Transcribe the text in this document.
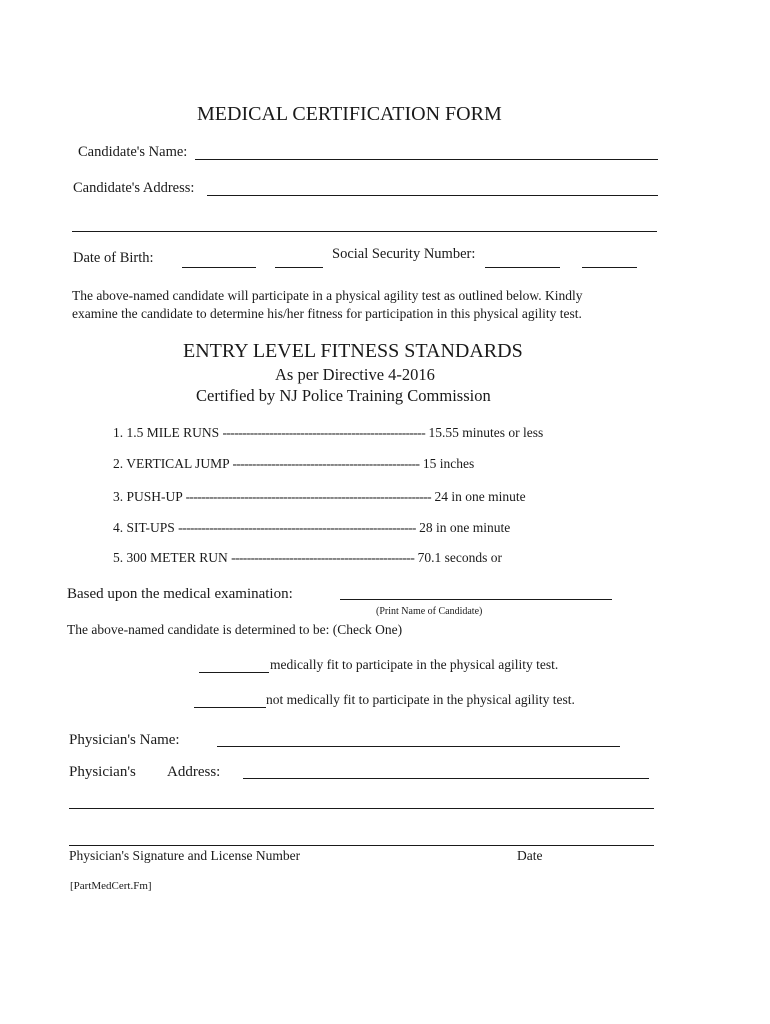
MEDICAL CERTIFICATION FORM
Candidate's Name:
Candidate's Address:
Date of Birth:	Social Security Number:
The above-named candidate will participate in a physical agility test as outlined below. Kindly
examine the candidate to determine his/her fitness for participation in this physical agility test.
ENTRY LEVEL FITNESS STANDARDS
As per Directive 4-2016
Certified by NJ Police Training Commission
1. 1.5 MILE RUNS ---------------------------------------------------- 15.55 minutes or less
2. VERTICAL JUMP ------------------------------------------------ 15 inches
3. PUSH-UP --------------------------------------------------------------- 24 in one minute
4. SIT-UPS ------------------------------------------------------------- 28 in one minute
5. 300 METER RUN ----------------------------------------------- 70.1 seconds or
Based upon the medical examination:
(Print Name of Candidate)
The above-named candidate is determined to be: (Check One)
medically fit to participate in the physical agility test.
not medically fit to participate in the physical agility test.
Physician's Name:
Physician's Address:
Physician's Signature and License Number	Date
[PartMedCert.Fm]
